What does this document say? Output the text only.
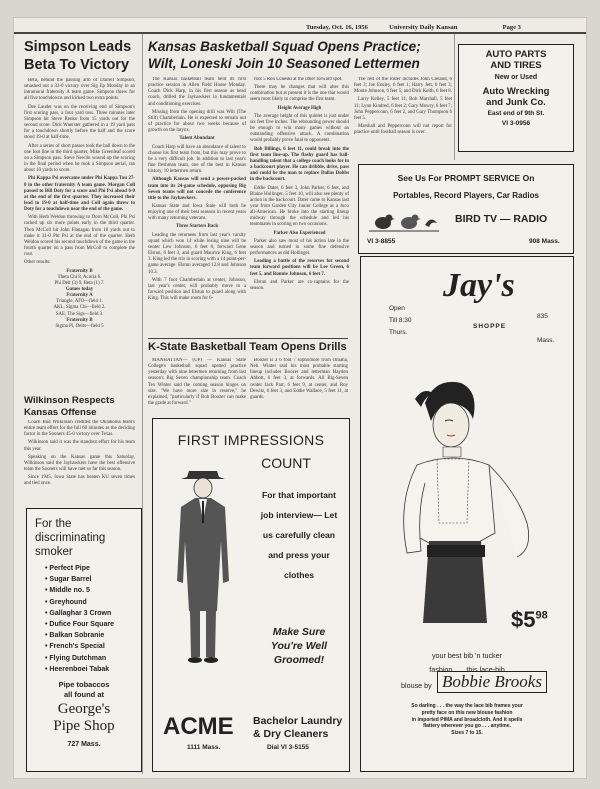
Tuesday, Oct. 16, 1956	University Daily Kansan	Page 3
Simpson Leads
Beta To Victory

Beta, behind the passing arm of Darrell Simpson, smashed out a 32-0 victory over Sig Ep Monday in an intramural fraternity A team game. Simpson threw for all five touchdowns and kicked two extra points.

Dee Lauder was on the receiving end of Simpson's first scoring pass, a four yard toss. Three minutes later Simpson hit Steve Renko from 15 yards out for the second score. Dick Wuerster gathered in a 19 yard pass for a touchdown shortly before the half and the score stood 19-0 at half-time.

After a series of short passes took the ball down to the one foot line in the third quarter, Mike Greenleaf scored on a Simpson pass. Steve Newlin wound up the scoring in the final period when he took a Simpson aerial, ran about 10 yards to score.

Phi Kappa Psi overcame under Phi Kappa Tau 27-0 in the other fraternity A team game. Morgan Coll passed to Bill Doty for a score and Phi Psi ahead 6-0 at the end of the first quarter. They increased their lead to 19-0 at half-time and Coll again threw to Doty for a touchdown near the end of the game.

With Herb Weldon throwing to Dorn McColl, Phi Psi racked up six more points early in the third quarter. Then McColl hit John Flanagan from 10 yards out to make it 31-0 Phi Psi at the end of the quarter. Herb Weldon scored his second touchdown of the game in the fourth quarter on a pass from McColl to complete the rout.

Other results:

Fraternity B
Theta Chi 8, Acacia 6.
Phi Delt (3) 9, Beta (1) 7.
Games today
Fraternity A
Triangle, ATO—field 1.
AKL, Sigma Chi—field 2.
SAE, The Sigs—field 3.
Fraternity B
Sigma Pi, Delts—field 5
Wilkinson Respects
Kansas Offense

Coach Bud Wilkinson credited the Oklahoma team's entire team effort for the full 60 minutes as the deciding factor in the Sooners 45-0 victory over Texas.

Wilkinson said it was the standout effort for his team this year.

Speaking on the Kansas game this Saturday, Wilkinson said the Jayhawkers have the best offensive team the Sooners will have met so far this season.

Since 1945, Iowa State has beaten KU seven times and tied once.

For the
discriminating
smoker
• Perfect Pipe
• Sugar Barrel
• Middle no. 5
• Greyhound
• Gallaghar 3 Crown
• Dufice Four Square
• Balkan Sobranie
• French's Special
• Flying Dutchman
• Heerenboei Tabak
Pipe tobaccos
all found at
George's
Pipe Shop
727 Mass.
Kansas Basketball Squad Opens Practice;
Wilt, Loneski Join 10 Seasoned Lettermen

The Kansas basketball team held its first practice session in Allen Field House Monday. Coach Dick Harp, in his first season as head coach, drilled the Jayhawkers in fundamentals and conditioning exercises.

Missing from the opening drill was Wilt (The Stilt) Chamberlain. He is expected to remain out of practice for about two weeks because of growth on the larynx.

Talent Abundant

Coach Harp will have an abundance of talent to choose his first team from, but this may prove to be a very difficult job. In addition to last year's fine freshman team, one of the best in Kansas history, 10 lettermen return.

Although Kansas will send a power-packed team into its 24-game schedule, opposing Big Seven teams will not concede the conference title to the Jayhawkers.

Kansas State and Iowa State will both be enjoying one of their best seasons in recent years with many returning veterans.

Three Starters Back

Leading the returnees from last year's varsity squad which won 14 while losing nine will be center Lew Johnson, 6 feet 8, forward Gene Elstun, 6 feet 3, and guard Maurice King, 6 feet 3. King led the trio in scoring with a 14 point-per-game average. Elstun averaged 12.8 and Johnson 10.3.

With 7 foot Chamberlain at center, Johnson, last year's center, will probably move to a forward position and Elstun to guard along with King. This will make room for 6-

foot 5 Ron Loneski at the other forward spot.

There may be changes that will alter this combination but at present it is the one that would seem most likely to comprise the first team.

Height Average High

The average height of this quintet is just under six feet five inches. The rebounding power should be enough to win many games without an outstanding offensive attack. A combination would probably prove fatal to opponents.

Bob Billings, 6 feet 11, could break into the first team line-up. The flashy guard has ball-handling talent that a college coach looks for in a backcourt player. He can dribble, drive, pass and could be the man to replace Dallas Dobbs in the backcourt.

Eddie Dater, 6 feet 3, John Parker, 6 feet, and Blaine Hollinger, 5 feet 10, will also see plenty of action in the backcourt. Dater came to Kansas last year from Garden City Junior College as a Juco all-American. He broke into the starting lineup midway through the schedule and led his teammates in scoring on two occasions.

Parker Also Experienced

Parker also saw most of his action late in the season and turned in some fine defensive performances as did Hollinger.

Leading a battle of the reserves for second team forward positions will be Lee Green, 6 feet 5, and Ronnie Johnson, 6 feet 7.

Elstun and Parker are co-captains for the season.

The rest of the roster includes John Cleland, 6 feet 3; Joe Ensley, 6 feet 1; Harry Jett, 6 feet 3; Monte Johnson, 6 feet 5; and Dick Keith, 6 feet 8.

Larry Kelley, 5 feet 11; Bob Marshall, 5 feet 11; Lynn Kindred, 6 feet 2; Gary Mowry, 6 feet 7; John Pepperconn, 6 feet 2, and Gary Thompson 6 feet 5.

Marshall and Pepperconn will not report for practice until football season is over.

K-State Basketball Team Opens Drills
MANHATTAN— (UP) — Kansas State College's basketball squad opened practice yesterday with nine lettermen returning from last season's Big Seven championship team. Coach Tex Winter said the coming season hinges on size. "We have more size in reserve," he explained, "particularly if Bob Boozer can make the grade at forward."
Boozer is a 6 foot 7 sophomore from Omaha, Neb. Winter said his most probable starting lineup includes Boozer and letterman Hayden Abbott, 6 feet 3, at forwards. All Big-Seven center Jack Parr, 6 feet 9, at center, and Roy Dewitz, 6 feet 3, and Eddie Wallace, 5 feet 11, at guards.
FIRST IMPRESSIONS
COUNT
For that important
job interview— Let
us carefully clean
and press your
clothes
Make Sure
You're Well
Groomed!
ACME
1111 Mass.
Bachelor Laundry
& Dry Cleaners
Dial VI 3-5155
AUTO PARTS
AND TIRES
New or Used
Auto Wrecking
and Junk Co.
East end of 9th St.
VI 3-0956
See Us For PROMPT SERVICE On
Portables, Record Players, Car Radios
BIRD TV — RADIO
VI 3-8855	908 Mass.
Open
Till 8:30
Thurs.
Jay's
SHOPPE
835
Mass.
$\$5^{98}$
your best bib 'n tucker
fashion . . . this lace-bib
blouse by Bobbie Brooks
So darling . . . the way the lace bib frames your
pretty face on this new blouse fashion
in imported PIMA and broadcloth. And it spells
flattery wherever you go . . . anytime.
Sizes 7 to 15.
